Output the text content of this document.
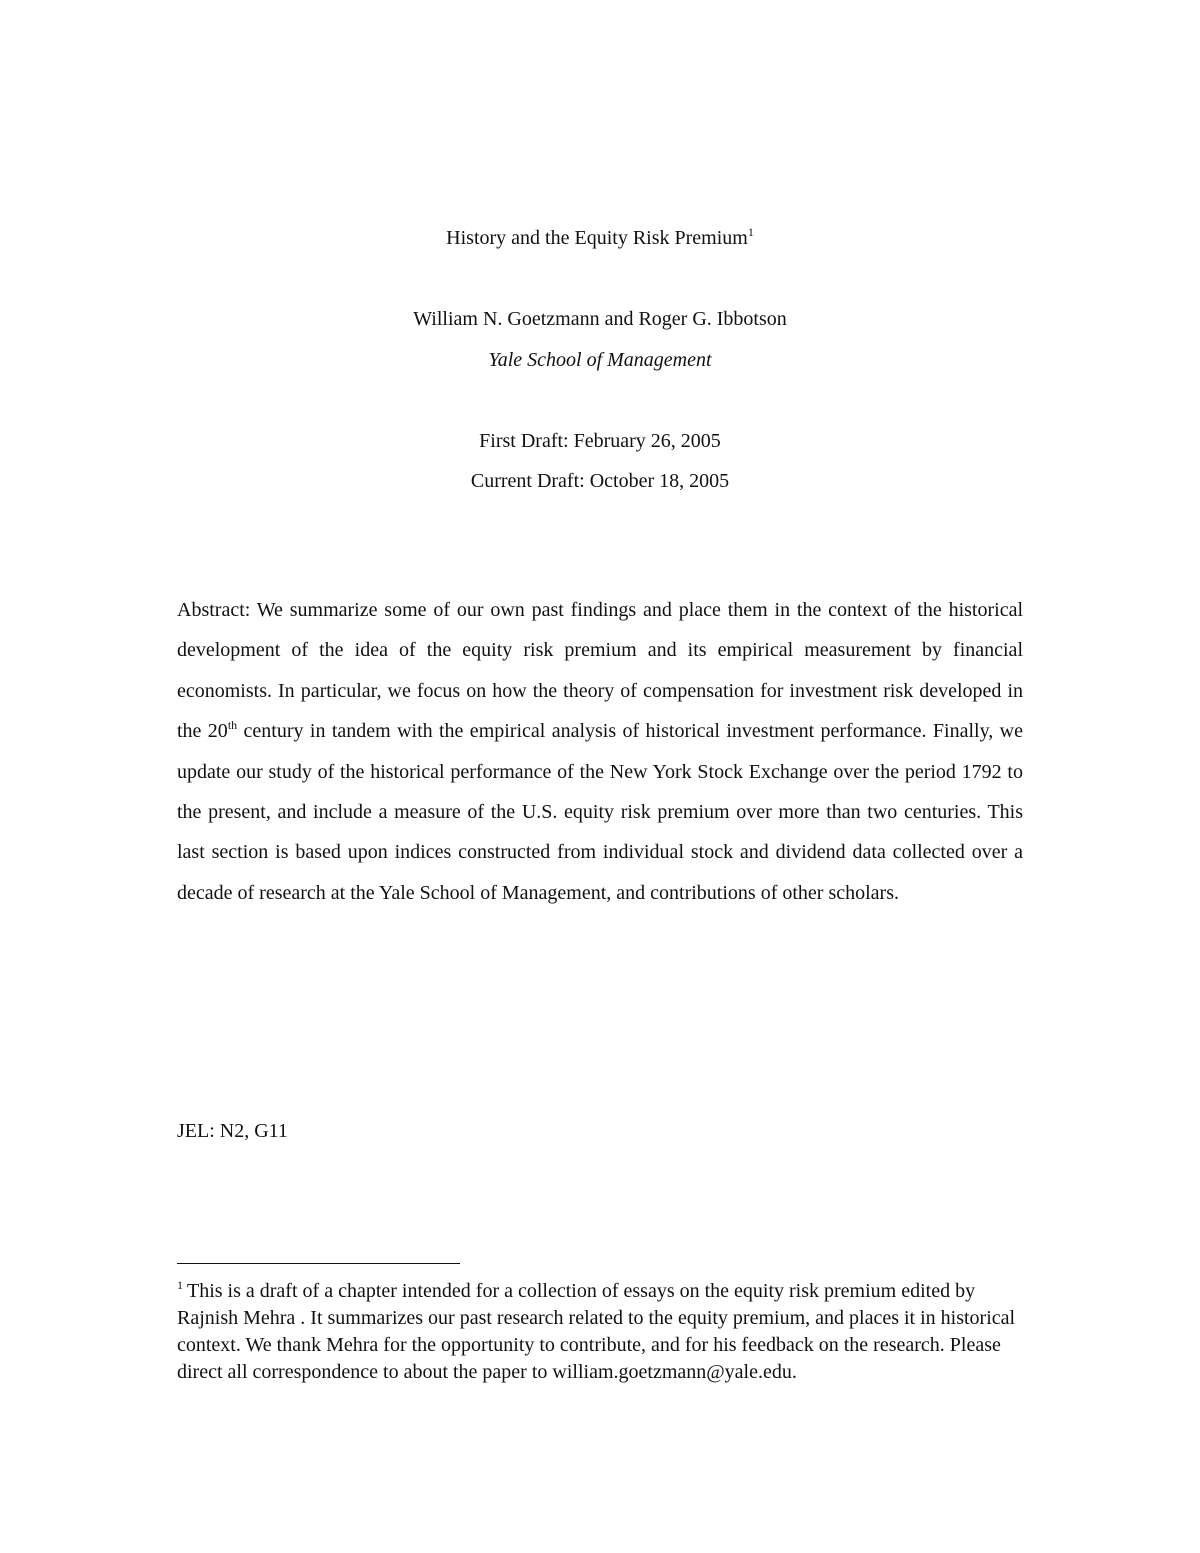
History and the Equity Risk Premium$^1$
William N. Goetzmann and Roger G. Ibbotson
Yale School of Management
First Draft: February 26, 2005
Current Draft: October 18, 2005

Abstract: We summarize some of our own past findings and place them in the context of the historical development of the idea of the equity risk premium and its empirical measurement by financial economists. In particular, we focus on how the theory of compensation for investment risk developed in the 20th century in tandem with the empirical analysis of historical investment performance. Finally, we update our study of the historical performance of the New York Stock Exchange over the period 1792 to the present, and include a measure of the U.S. equity risk premium over more than two centuries. This last section is based upon indices constructed from individual stock and dividend data collected over a decade of research at the Yale School of Management, and contributions of other scholars.

JEL: N2, G11

$^1$ This is a draft of a chapter intended for a collection of essays on the equity risk premium edited by Rajnish Mehra . It summarizes our past research related to the equity premium, and places it in historical context. We thank Mehra for the opportunity to contribute, and for his feedback on the research. Please direct all correspondence to about the paper to william.goetzmann@yale.edu.
